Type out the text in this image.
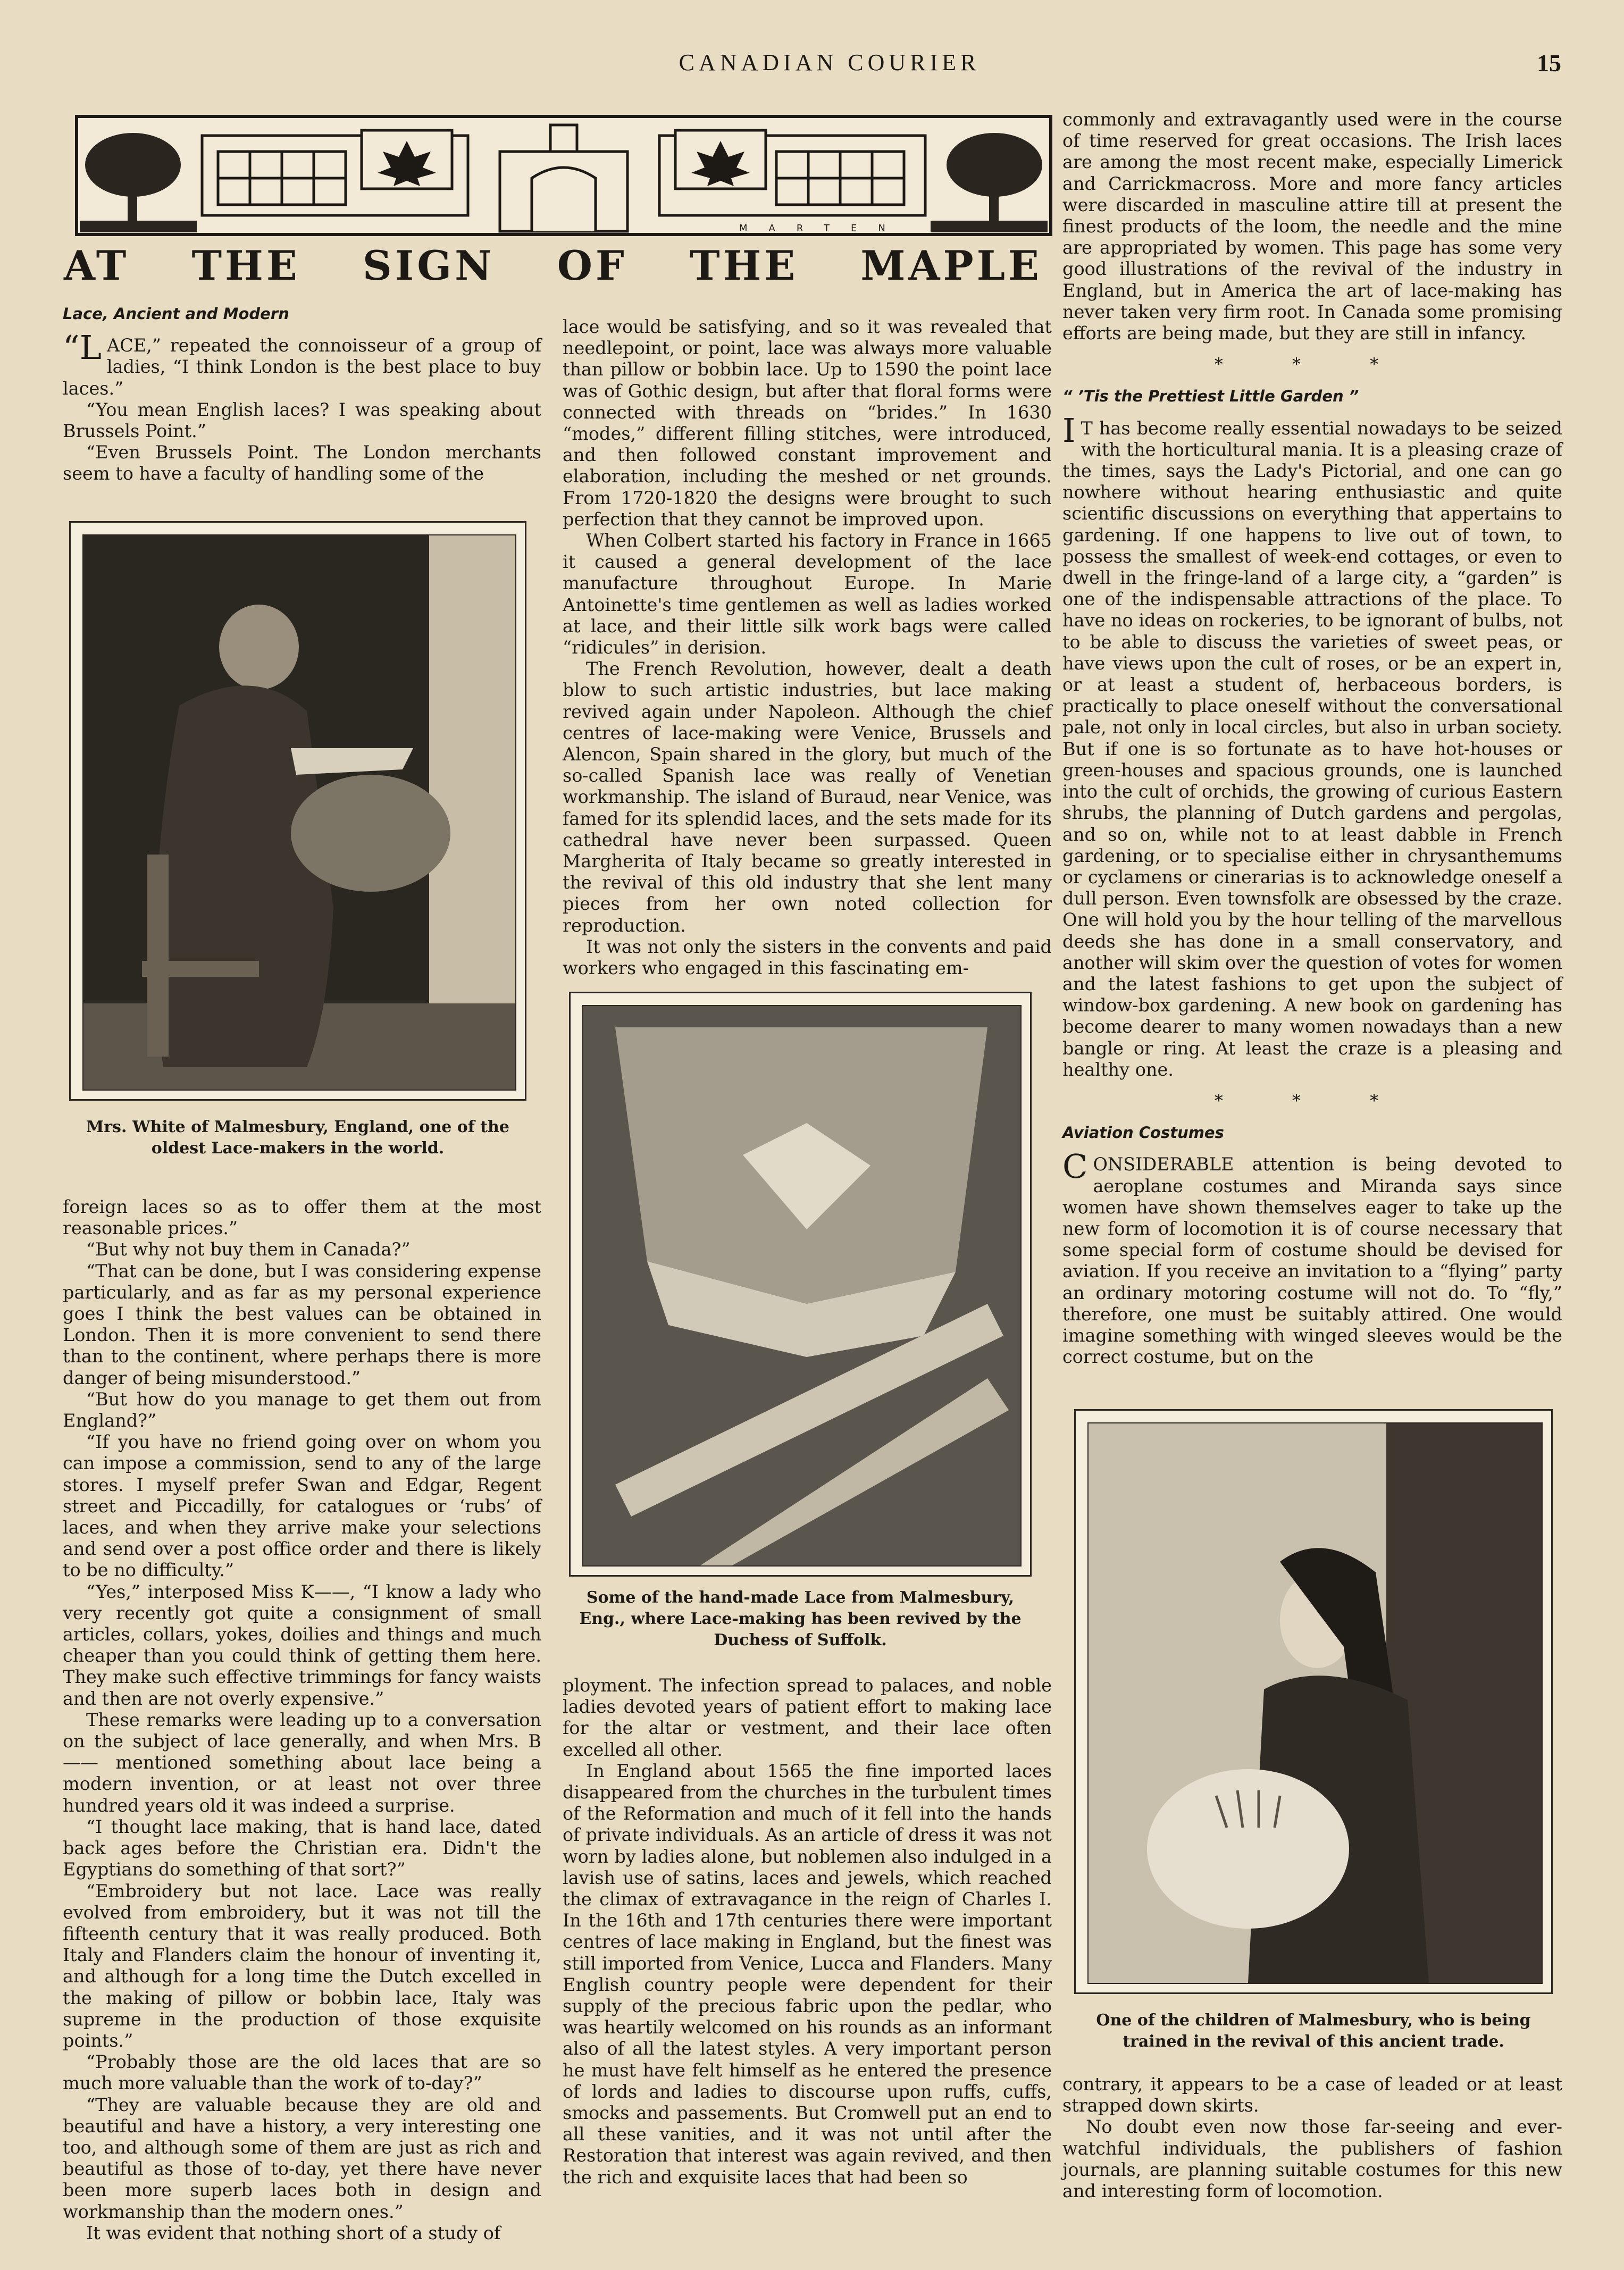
CANADIAN COURIER	15
MARTEN
AT THE SIGN OF THE MAPLE
Lace, Ancient and Modern

“L ACE,” repeated the connoisseur of a group of ladies, “I think London is the best place to buy laces.”

“You mean English laces? I was speaking about Brussels Point.”

“Even Brussels Point. The London merchants seem to have a faculty of handling some of the

Mrs. White of Malmesbury, England, one of the oldest Lace-makers in the world.

foreign laces so as to offer them at the most reasonable prices.”

“But why not buy them in Canada?”

“That can be done, but I was considering expense particularly, and as far as my personal experience goes I think the best values can be obtained in London. Then it is more convenient to send there than to the continent, where perhaps there is more danger of being misunderstood.”

“But how do you manage to get them out from England?”

“If you have no friend going over on whom you can impose a commission, send to any of the large stores. I myself prefer Swan and Edgar, Regent street and Piccadilly, for catalogues or ‘rubs’ of laces, and when they arrive make your selections and send over a post office order and there is likely to be no difficulty.”

“Yes,” interposed Miss K——, “I know a lady who very recently got quite a consignment of small articles, collars, yokes, doilies and things and much cheaper than you could think of getting them here. They make such effective trimmings for fancy waists and then are not overly expensive.”

These remarks were leading up to a conversation on the subject of lace generally, and when Mrs. B—— mentioned something about lace being a modern invention, or at least not over three hundred years old it was indeed a surprise.

“I thought lace making, that is hand lace, dated back ages before the Christian era. Didn't the Egyptians do something of that sort?”

“Embroidery but not lace. Lace was really evolved from embroidery, but it was not till the fifteenth century that it was really produced. Both Italy and Flanders claim the honour of inventing it, and although for a long time the Dutch excelled in the making of pillow or bobbin lace, Italy was supreme in the production of those exquisite points.”

“Probably those are the old laces that are so much more valuable than the work of to-day?”

“They are valuable because they are old and beautiful and have a history, a very interesting one too, and although some of them are just as rich and beautiful as those of to-day, yet there have never been more superb laces both in design and workmanship than the modern ones.”

It was evident that nothing short of a study of

lace would be satisfying, and so it was revealed that needlepoint, or point, lace was always more valuable than pillow or bobbin lace. Up to 1590 the point lace was of Gothic design, but after that floral forms were connected with threads on “brides.” In 1630 “modes,” different filling stitches, were introduced, and then followed constant improvement and elaboration, including the meshed or net grounds. From 1720-1820 the designs were brought to such perfection that they cannot be improved upon.

When Colbert started his factory in France in 1665 it caused a general development of the lace manufacture throughout Europe. In Marie Antoinette's time gentlemen as well as ladies worked at lace, and their little silk work bags were called “ridicules” in derision.

The French Revolution, however, dealt a death blow to such artistic industries, but lace making revived again under Napoleon. Although the chief centres of lace-making were Venice, Brussels and Alencon, Spain shared in the glory, but much of the so-called Spanish lace was really of Venetian workmanship. The island of Buraud, near Venice, was famed for its splendid laces, and the sets made for its cathedral have never been surpassed. Queen Margherita of Italy became so greatly interested in the revival of this old industry that she lent many pieces from her own noted collection for reproduction.

It was not only the sisters in the convents and paid workers who engaged in this fascinating em-

Some of the hand-made Lace from Malmesbury, Eng., where Lace-making has been revived by the Duchess of Suffolk.

ployment. The infection spread to palaces, and noble ladies devoted years of patient effort to making lace for the altar or vestment, and their lace often excelled all other.

In England about 1565 the fine imported laces disappeared from the churches in the turbulent times of the Reformation and much of it fell into the hands of private individuals. As an article of dress it was not worn by ladies alone, but noblemen also indulged in a lavish use of satins, laces and jewels, which reached the climax of extravagance in the reign of Charles I. In the 16th and 17th centuries there were important centres of lace making in England, but the finest was still imported from Venice, Lucca and Flanders. Many English country people were dependent for their supply of the precious fabric upon the pedlar, who was heartily welcomed on his rounds as an informant also of all the latest styles. A very important person he must have felt himself as he entered the presence of lords and ladies to discourse upon ruffs, cuffs, smocks and passements. But Cromwell put an end to all these vanities, and it was not until after the Restoration that interest was again revived, and then the rich and exquisite laces that had been so

commonly and extravagantly used were in the course of time reserved for great occasions. The Irish laces are among the most recent make, especially Limerick and Carrickmacross. More and more fancy articles were discarded in masculine attire till at present the finest products of the loom, the needle and the mine are appropriated by women. This page has some very good illustrations of the revival of the industry in England, but in America the art of lace-making has never taken very firm root. In Canada some promising efforts are being made, but they are still in infancy.

* * *
“ ’Tis the Prettiest Little Garden ”

I T has become really essential nowadays to be seized with the horticultural mania. It is a pleasing craze of the times, says the Lady's Pictorial, and one can go nowhere without hearing enthusiastic and quite scientific discussions on everything that appertains to gardening. If one happens to live out of town, to possess the smallest of week-end cottages, or even to dwell in the fringe-land of a large city, a “garden” is one of the indispensable attractions of the place. To have no ideas on rockeries, to be ignorant of bulbs, not to be able to discuss the varieties of sweet peas, or have views upon the cult of roses, or be an expert in, or at least a student of, herbaceous borders, is practically to place oneself without the conversational pale, not only in local circles, but also in urban society. But if one is so fortunate as to have hot-houses or green-houses and spacious grounds, one is launched into the cult of orchids, the growing of curious Eastern shrubs, the planning of Dutch gardens and pergolas, and so on, while not to at least dabble in French gardening, or to specialise either in chrysanthemums or cyclamens or cinerarias is to acknowledge oneself a dull person. Even townsfolk are obsessed by the craze. One will hold you by the hour telling of the marvellous deeds she has done in a small conservatory, and another will skim over the question of votes for women and the latest fashions to get upon the subject of window-box gardening. A new book on gardening has become dearer to many women nowadays than a new bangle or ring. At least the craze is a pleasing and healthy one.

* * *
Aviation Costumes

CONSIDERABLE attention is being devoted to aeroplane costumes and Miranda says since women have shown themselves eager to take up the new form of locomotion it is of course necessary that some special form of costume should be devised for aviation. If you receive an invitation to a “flying” party an ordinary motoring costume will not do. To “fly,” therefore, one must be suitably attired. One would imagine something with winged sleeves would be the correct costume, but on the

One of the children of Malmesbury, who is being trained in the revival of this ancient trade.

contrary, it appears to be a case of leaded or at least strapped down skirts.

No doubt even now those far-seeing and ever-watchful individuals, the publishers of fashion journals, are planning suitable costumes for this new and interesting form of locomotion.
